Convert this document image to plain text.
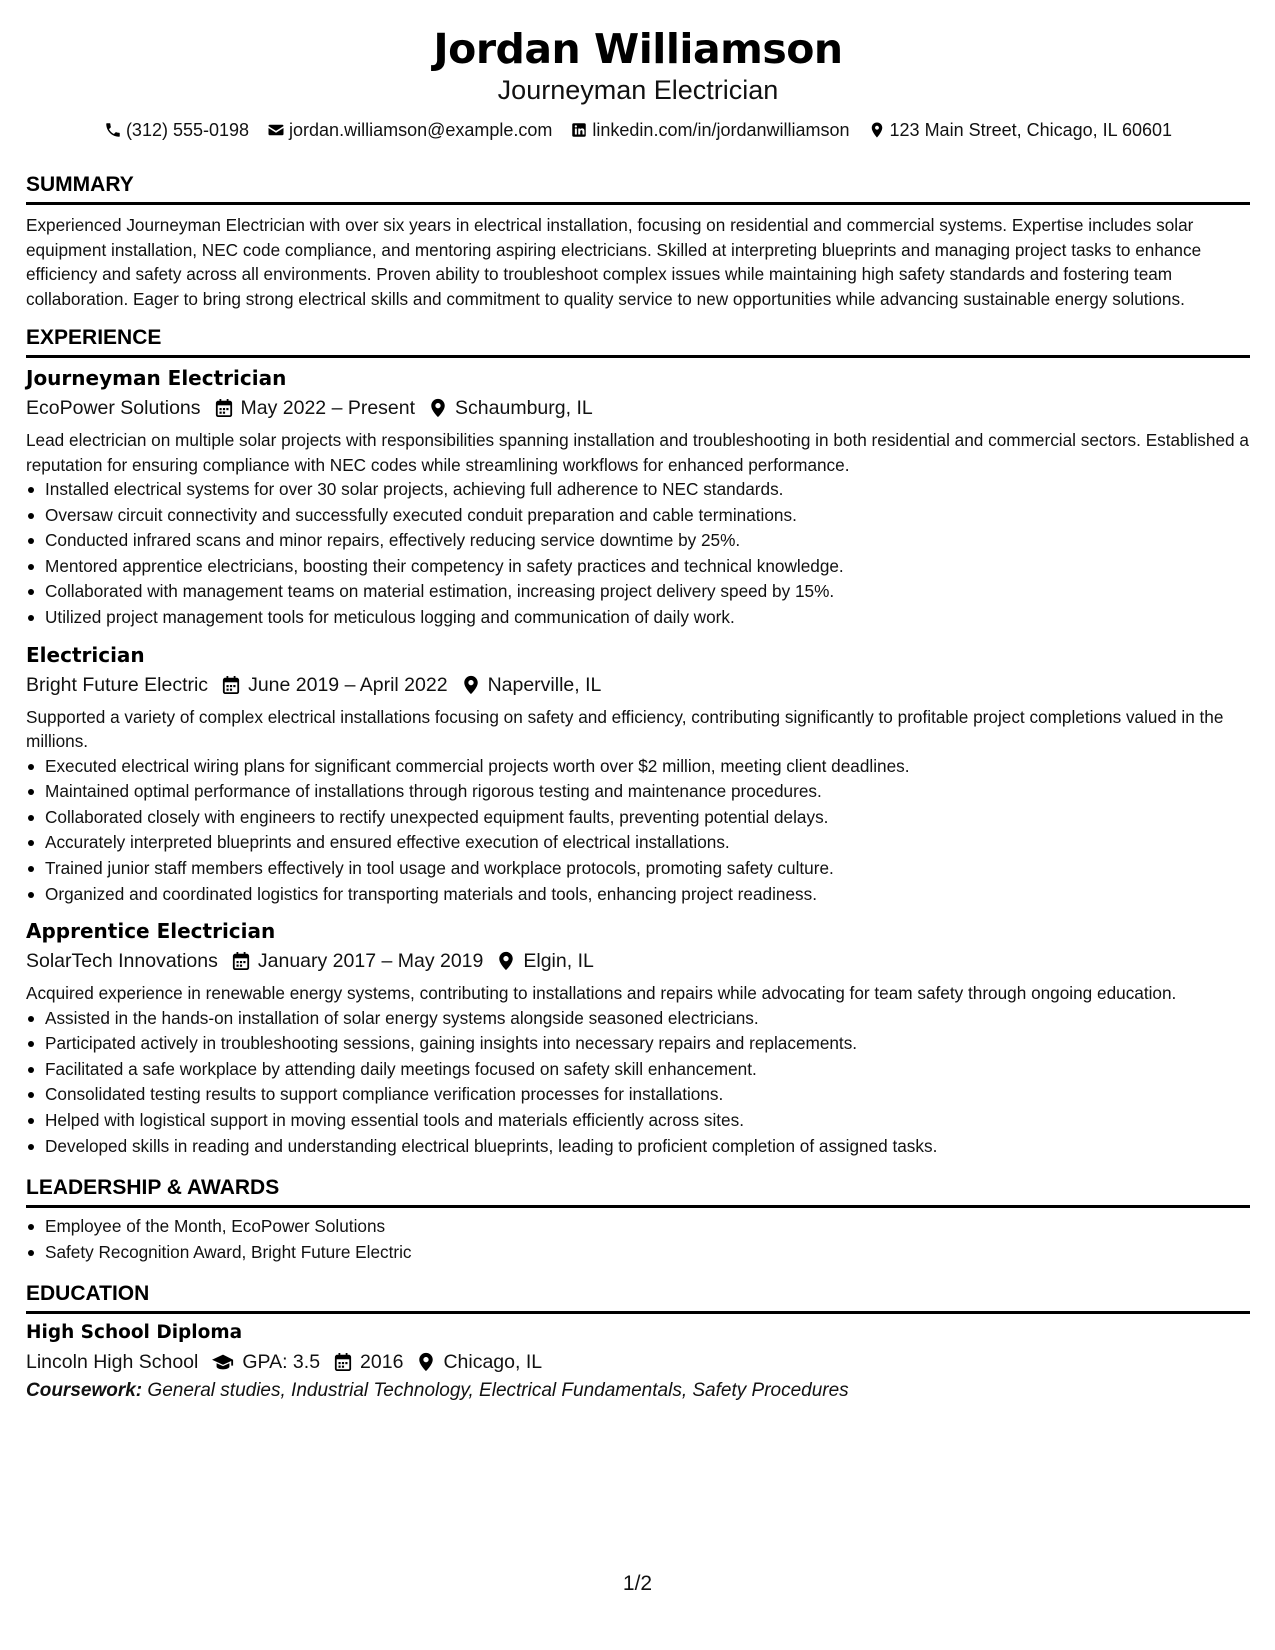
Jordan Williamson
Journeyman Electrician
(312) 555-0198 jordan.williamson@example.com linkedin.com/in/jordanwilliamson 123 Main Street, Chicago, IL 60601
SUMMARY
Experienced Journeyman Electrician with over six years in electrical installation, focusing on residential and commercial systems. Expertise includes solar equipment installation, NEC code compliance, and mentoring aspiring electricians. Skilled at interpreting blueprints and managing project tasks to enhance efficiency and safety across all environments. Proven ability to troubleshoot complex issues while maintaining high safety standards and fostering team collaboration. Eager to bring strong electrical skills and commitment to quality service to new opportunities while advancing sustainable energy solutions.
EXPERIENCE
Journeyman Electrician
EcoPower Solutions May 2022 – Present Schaumburg, IL
Lead electrician on multiple solar projects with responsibilities spanning installation and troubleshooting in both residential and commercial sectors. Established a reputation for ensuring compliance with NEC codes while streamlining workflows for enhanced performance.
Installed electrical systems for over 30 solar projects, achieving full adherence to NEC standards.
Oversaw circuit connectivity and successfully executed conduit preparation and cable terminations.
Conducted infrared scans and minor repairs, effectively reducing service downtime by 25%.
Mentored apprentice electricians, boosting their competency in safety practices and technical knowledge.
Collaborated with management teams on material estimation, increasing project delivery speed by 15%.
Utilized project management tools for meticulous logging and communication of daily work.
Electrician
Bright Future Electric June 2019 – April 2022 Naperville, IL
Supported a variety of complex electrical installations focusing on safety and efficiency, contributing significantly to profitable project completions valued in the millions.
Executed electrical wiring plans for significant commercial projects worth over $2 million, meeting client deadlines.
Maintained optimal performance of installations through rigorous testing and maintenance procedures.
Collaborated closely with engineers to rectify unexpected equipment faults, preventing potential delays.
Accurately interpreted blueprints and ensured effective execution of electrical installations.
Trained junior staff members effectively in tool usage and workplace protocols, promoting safety culture.
Organized and coordinated logistics for transporting materials and tools, enhancing project readiness.
Apprentice Electrician
SolarTech Innovations January 2017 – May 2019 Elgin, IL
Acquired experience in renewable energy systems, contributing to installations and repairs while advocating for team safety through ongoing education.
Assisted in the hands-on installation of solar energy systems alongside seasoned electricians.
Participated actively in troubleshooting sessions, gaining insights into necessary repairs and replacements.
Facilitated a safe workplace by attending daily meetings focused on safety skill enhancement.
Consolidated testing results to support compliance verification processes for installations.
Helped with logistical support in moving essential tools and materials efficiently across sites.
Developed skills in reading and understanding electrical blueprints, leading to proficient completion of assigned tasks.
LEADERSHIP & AWARDS
Employee of the Month, EcoPower Solutions
Safety Recognition Award, Bright Future Electric
EDUCATION
High School Diploma
Lincoln High School GPA: 3.5 2016 Chicago, IL
Coursework: General studies, Industrial Technology, Electrical Fundamentals, Safety Procedures
1/2
